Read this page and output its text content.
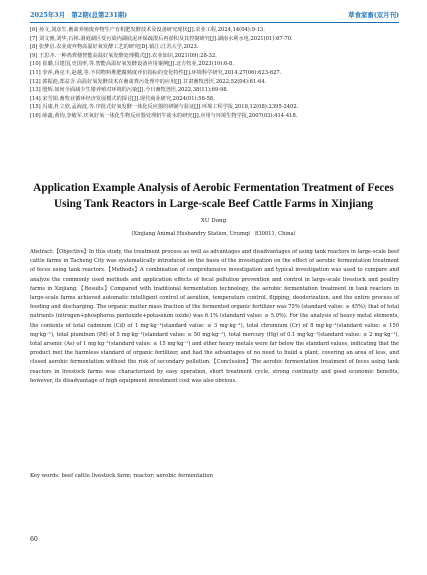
2025年3月　第2期(总第231期)	草食家畜(双月刊)
[6] 孙文,刘彦生.畜禽养殖废弃物生产有机肥发酵技术及设备研究现状[J].农业工程,2024,14(04):9-13.
[7] 刘文雅,刘华,石林.洞庭湖区受污染内湖底泥环保疏浚后再淤积及其控制研究[J].湖南水利水电,2021(01):67-70.
[8] 张梦启.农业废弃物高温好氧发酵工艺的研究[D].镇江:江苏大学,2023.
[9] 王思齐.一种鸡粪便智能高温好氧发酵处理模式[J].农业知识,2021(09):28-32.
[10] 崔璐,吕建国,史国率,等.智能高温好氧发酵设备应用案例[J].北方牧业,2023(10):6-8.
[11] 李萍,蒋克丰,赵越,等.不同物料堆肥腐熟度评价指标的变化特性[J].环境科学研究,2014,27(06):623-627.
[12] 郭振彪,郑益含.高温好氧发酵技术在畜禽粪污处理中的应用[J].甘肃畜牧兽医,2022,52(04):61-64.
[13] 殷辉.如何全面减少生猪养殖对环境的污染[J].今日畜牧兽医,2022,38(11):69-98.
[14] 宋雪娟.畜牧业循环经济发展模式的探讨[J].现代商业研究,2024(01):56-58.
[15] 冯康,杜立欣,孟海波,等.序批式好氧发酵一体化反应器的研制与验证[J].环境工程学报,2018,12(08):2395-2402.
[16] 薛鑫,黄钧,李敏军.厌氧好氧一体化生物反应器处理奶牛废水的研究[J].应用与环境生物学报,2007(03):414-418.
Application Example Analysis of Aerobic Fermentation Treatment of Feces Using Tank Reactors in Large-scale Beef Cattle Farms in Xinjiang
XU Dong
(Xinjiang Animal Husbandry Station, Urumqi　830011, China)
Abstract:【Objective】In this study, the treatment process as well as advantages and disadvantages of using tank reactors in large-scale beef cattle farms in Tacheng City was systematically introduced on the basis of the investigation on the effect of aerobic fermentation treatment of feces using tank reactors.【Methods】A combination of comprehensive investigation and typical investigation was used to compare and analyze the commonly used methods and application effects of fecal pollution prevention and control in large-scale livestock and poultry farms in Xinjiang.【Results】Compared with traditional fermentation technology, the aerobic fermentation treatment in tank reactors in large-scale farms achieved automatic intelligent control of aeration, temperature control, flipping, deodorization, and the entire process of feeding and discharging. The organic matter mass fraction of the fermented organic fertilizer was 75% (standard value: ≥ 45%); that of total nutrients (nitrogen+phosphorus pentoxide+potassium oxide) was 6.1% (standard value: ≥ 5.0%). For the analysis of heavy metal elements, the contents of total cadmium (Cd) of 1 mg·kg⁻¹(standard value: ≤ 3 mg·kg⁻¹), total chromium (Cr) of 8 mg·kg⁻¹(standard value: ≤ 150 mg·kg⁻¹), total plumbum (Pd) of 5 mg·kg⁻¹(standard value: ≤ 50 mg·kg⁻¹), total mercury (Hg) of 0.1 mg·kg⁻¹(standard value: ≤ 2 mg·kg⁻¹), total arsenic (As) of 1 mg·kg⁻¹(standard value: ≤ 15 mg·kg⁻¹) and other heavy metals were far below the standard values, indicating that the product met the harmless standard of organic fertilizer, and had the advantages of no need to build a plant, covering an area of less, and closed aerobic fermentation without the risk of secondary pollution.【Conclusion】The aerobic fermentation treatment of feces using tank reactors in livestock farms was characterized by easy operation, short treatment cycle, strong continuity and good economic benefits, however, its disadvantage of high equipment investment cost was also obvious.
Key words: beef cattle livestock farm; reactor; aerobic fermentation
60
